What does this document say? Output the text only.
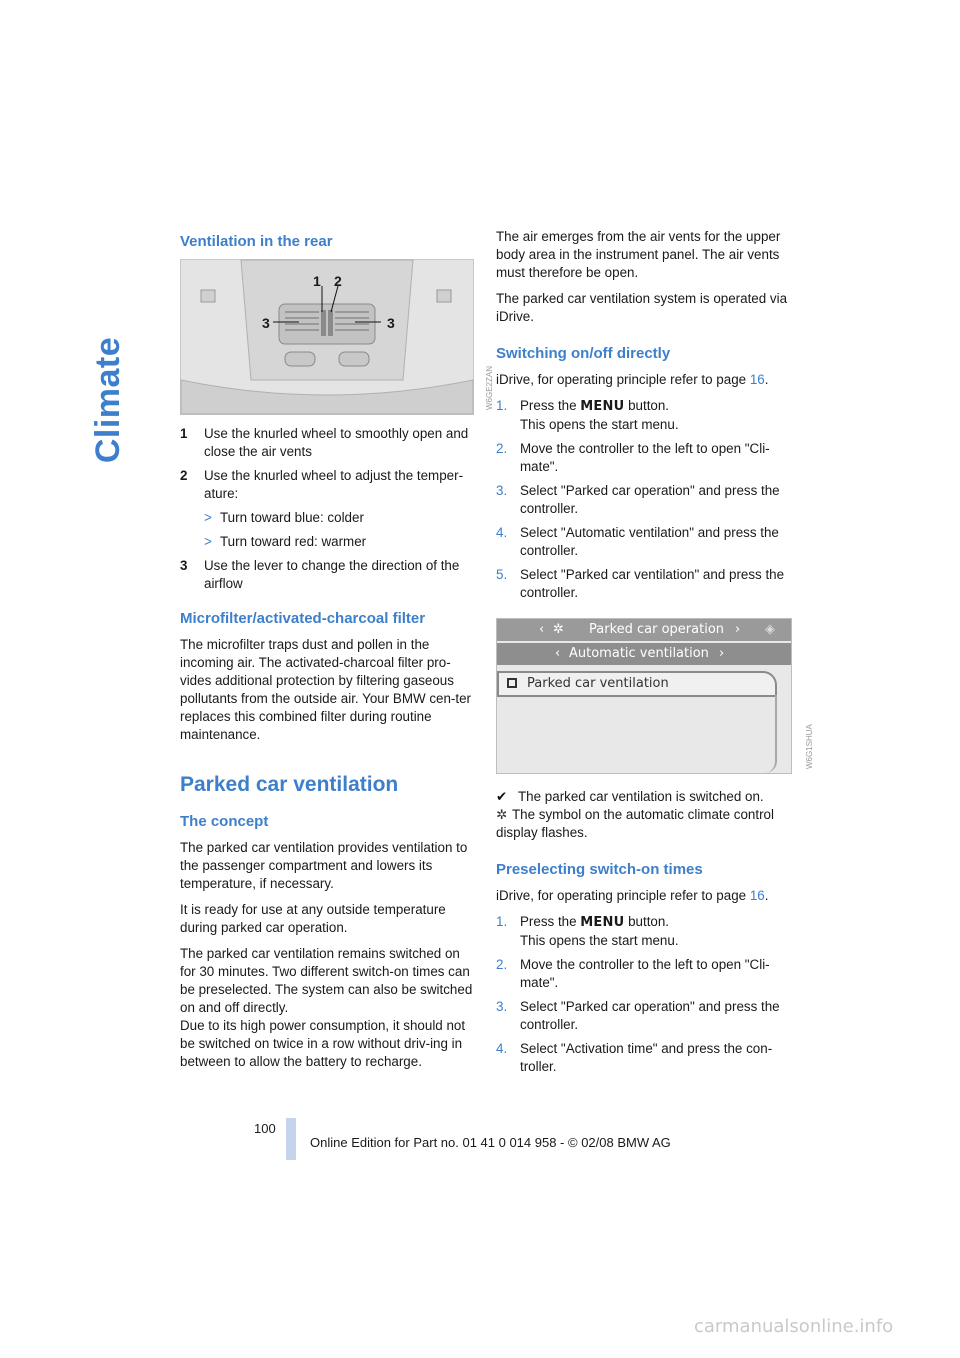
Climate
Ventilation in the rear
1 2
3	3
W6GE2ZAN
1	Use the knurled wheel to smoothly open and close the air vents
2	Use the knurled wheel to adjust the temper-ature:
> Turn toward blue: colder
> Turn toward red: warmer
3	Use the lever to change the direction of the airflow
Microfilter/activated-charcoal filter

The microfilter traps dust and pollen in the incoming air. The activated-charcoal filter pro-vides additional protection by filtering gaseous pollutants from the outside air. Your BMW cen-ter replaces this combined filter during routine maintenance.

Parked car ventilation
The concept

The parked car ventilation provides ventilation to the passenger compartment and lowers its temperature, if necessary.

It is ready for use at any outside temperature during parked car operation.

The parked car ventilation remains switched on for 30 minutes. Two different switch-on times can be preselected. The system can also be switched on and off directly.

Due to its high power consumption, it should not be switched on twice in a row without driv-ing in between to allow the battery to recharge.

The air emerges from the air vents for the upper body area in the instrument panel. The air vents must therefore be open.

The parked car ventilation system is operated via iDrive.

Switching on/off directly

iDrive, for operating principle refer to page 16.

1. Press the MENU button.
This opens the start menu.
2. Move the controller to the left to open "Cli-mate".
3. Select "Parked car operation" and press the controller.
4. Select "Automatic ventilation" and press the controller.
5. Select "Parked car ventilation" and press the controller.
‹ ✲ Parked car operation › ◈
‹ Automatic ventilation ›
Parked car ventilation
W6G1SHUA

✔ The parked car ventilation is switched on.

✲ The symbol on the automatic climate control display flashes.

Preselecting switch-on times

iDrive, for operating principle refer to page 16.

1. Press the MENU button.
This opens the start menu.
2. Move the controller to the left to open "Cli-mate".
3. Select "Parked car operation" and press the controller.
4. Select "Activation time" and press the con-troller.
100
Online Edition for Part no. 01 41 0 014 958 - © 02/08 BMW AG
carmanualsonline.info
